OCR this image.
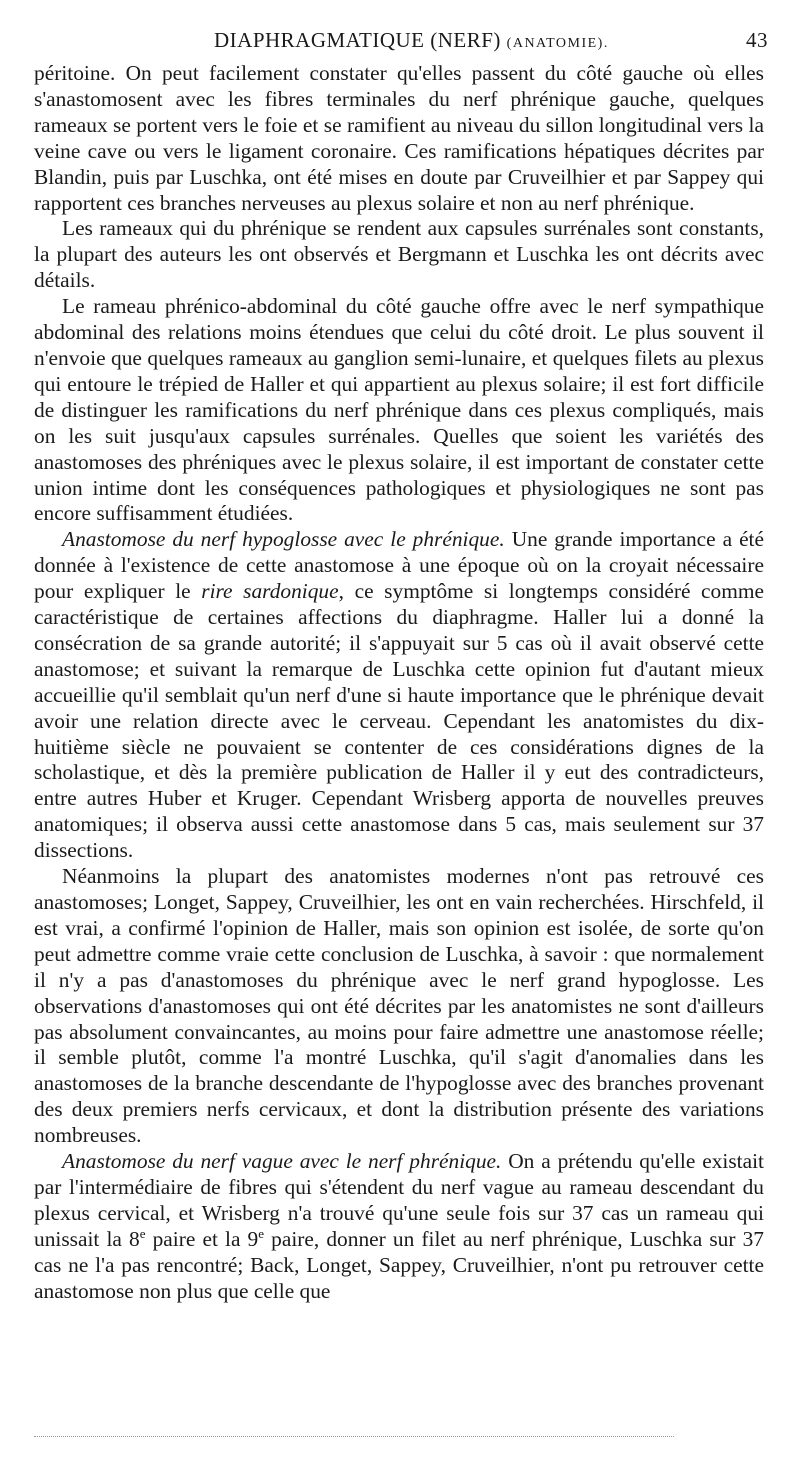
DIAPHRAGMATIQUE (NERF) (ANATOMIE).	43

péritoine. On peut facilement constater qu'elles passent du côté gauche où elles s'anastomosent avec les fibres terminales du nerf phrénique gauche, quelques rameaux se portent vers le foie et se ramifient au niveau du sillon longitudinal vers la veine cave ou vers le ligament coronaire. Ces ramifications hépatiques décrites par Blandin, puis par Luschka, ont été mises en doute par Cruveilhier et par Sappey qui rapportent ces branches nerveuses au plexus solaire et non au nerf phrénique.

Les rameaux qui du phrénique se rendent aux capsules surrénales sont constants, la plupart des auteurs les ont observés et Bergmann et Luschka les ont décrits avec détails.

Le rameau phrénico-abdominal du côté gauche offre avec le nerf sympathique abdominal des relations moins étendues que celui du côté droit. Le plus souvent il n'envoie que quelques rameaux au ganglion semi-lunaire, et quelques filets au plexus qui entoure le trépied de Haller et qui appartient au plexus solaire; il est fort difficile de distinguer les ramifications du nerf phrénique dans ces plexus compliqués, mais on les suit jusqu'aux capsules surrénales. Quelles que soient les variétés des anastomoses des phréniques avec le plexus solaire, il est important de constater cette union intime dont les conséquences pathologiques et physiologiques ne sont pas encore suffisamment étudiées.

Anastomose du nerf hypoglosse avec le phrénique. Une grande importance a été donnée à l'existence de cette anastomose à une époque où on la croyait nécessaire pour expliquer le rire sardonique, ce symptôme si longtemps considéré comme caractéristique de certaines affections du diaphragme. Haller lui a donné la consécration de sa grande autorité; il s'appuyait sur 5 cas où il avait observé cette anastomose; et suivant la remarque de Luschka cette opinion fut d'autant mieux accueillie qu'il semblait qu'un nerf d'une si haute importance que le phrénique devait avoir une relation directe avec le cerveau. Cependant les anatomistes du dix-huitième siècle ne pouvaient se contenter de ces considérations dignes de la scholastique, et dès la première publication de Haller il y eut des contradicteurs, entre autres Huber et Kruger. Cependant Wrisberg apporta de nouvelles preuves anatomiques; il observa aussi cette anastomose dans 5 cas, mais seulement sur 37 dissections.

Néanmoins la plupart des anatomistes modernes n'ont pas retrouvé ces anastomoses; Longet, Sappey, Cruveilhier, les ont en vain recherchées. Hirschfeld, il est vrai, a confirmé l'opinion de Haller, mais son opinion est isolée, de sorte qu'on peut admettre comme vraie cette conclusion de Luschka, à savoir : que normalement il n'y a pas d'anastomoses du phrénique avec le nerf grand hypoglosse. Les observations d'anastomoses qui ont été décrites par les anatomistes ne sont d'ailleurs pas absolument convaincantes, au moins pour faire admettre une anastomose réelle; il semble plutôt, comme l'a montré Luschka, qu'il s'agit d'anomalies dans les anastomoses de la branche descendante de l'hypoglosse avec des branches provenant des deux premiers nerfs cervicaux, et dont la distribution présente des variations nombreuses.

Anastomose du nerf vague avec le nerf phrénique. On a prétendu qu'elle existait par l'intermédiaire de fibres qui s'étendent du nerf vague au rameau descendant du plexus cervical, et Wrisberg n'a trouvé qu'une seule fois sur 37 cas un rameau qui unissait la 8e paire et la 9e paire, donner un filet au nerf phrénique, Luschka sur 37 cas ne l'a pas rencontré; Back, Longet, Sappey, Cruveilhier, n'ont pu retrouver cette anastomose non plus que celle que
